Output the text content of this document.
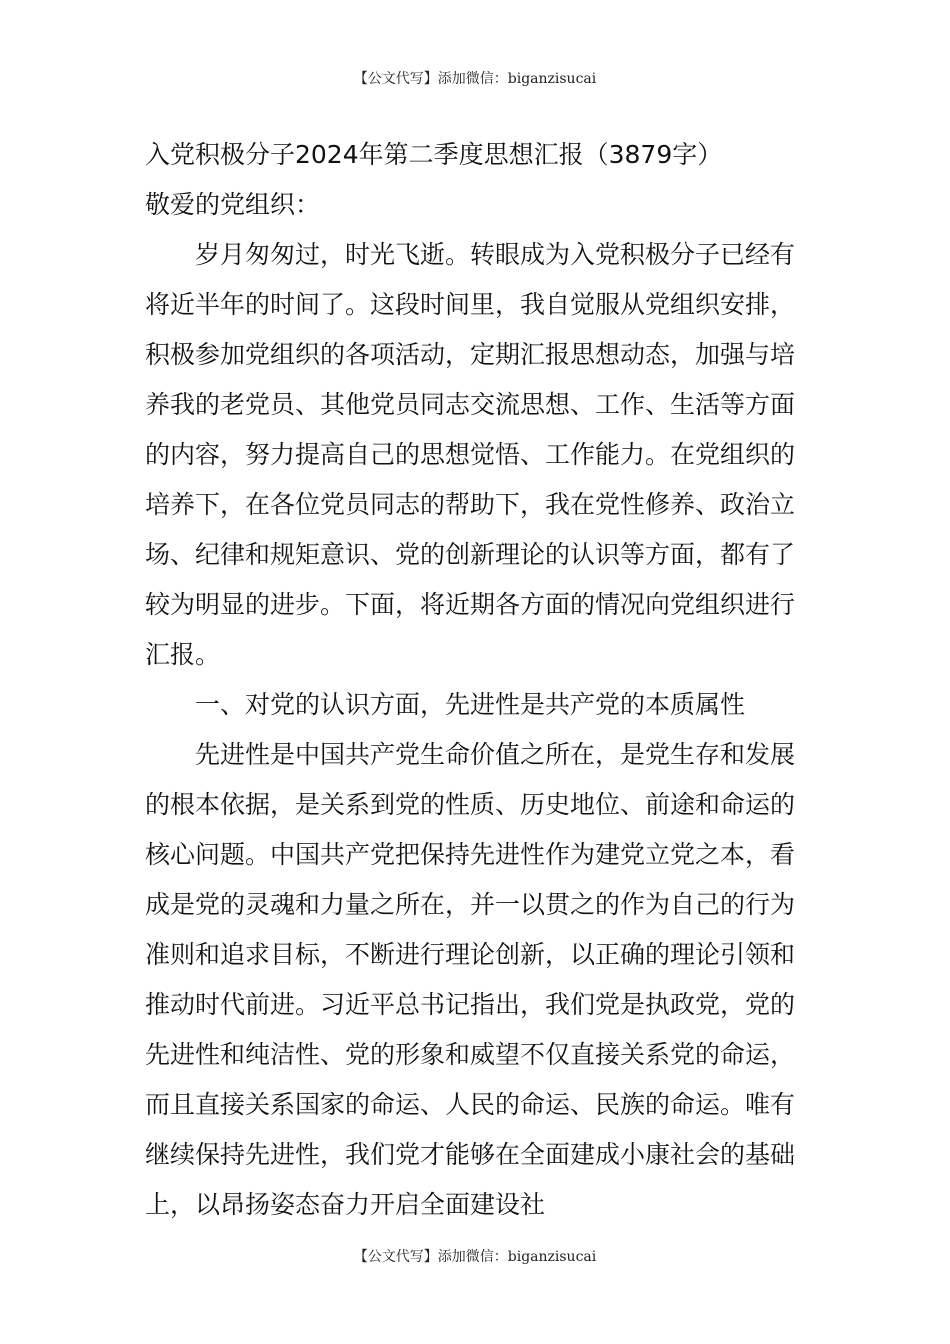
【公文代写】添加微信：biganzisucai

入党积极分子2024年第二季度思想汇报（3879字）

敬爱的党组织：

岁月匆匆过，时光飞逝。转眼成为入党积极分子已经有将近半年的时间了。这段时间里，我自觉服从党组织安排，积极参加党组织的各项活动，定期汇报思想动态，加强与培养我的老党员、其他党员同志交流思想、工作、生活等方面的内容，努力提高自己的思想觉悟、工作能力。在党组织的培养下，在各位党员同志的帮助下，我在党性修养、政治立场、纪律和规矩意识、党的创新理论的认识等方面，都有了较为明显的进步。下面，将近期各方面的情况向党组织进行汇报。

一、对党的认识方面，先进性是共产党的本质属性

先进性是中国共产党生命价值之所在，是党生存和发展的根本依据，是关系到党的性质、历史地位、前途和命运的核心问题。中国共产党把保持先进性作为建党立党之本，看成是党的灵魂和力量之所在，并一以贯之的作为自己的行为准则和追求目标，不断进行理论创新，以正确的理论引领和推动时代前进。习近平总书记指出，我们党是执政党，党的先进性和纯洁性、党的形象和威望不仅直接关系党的命运，而且直接关系国家的命运、人民的命运、民族的命运。唯有继续保持先进性，我们党才能够在全面建成小康社会的基础上，以昂扬姿态奋力开启全面建设社

【公文代写】添加微信：biganzisucai
